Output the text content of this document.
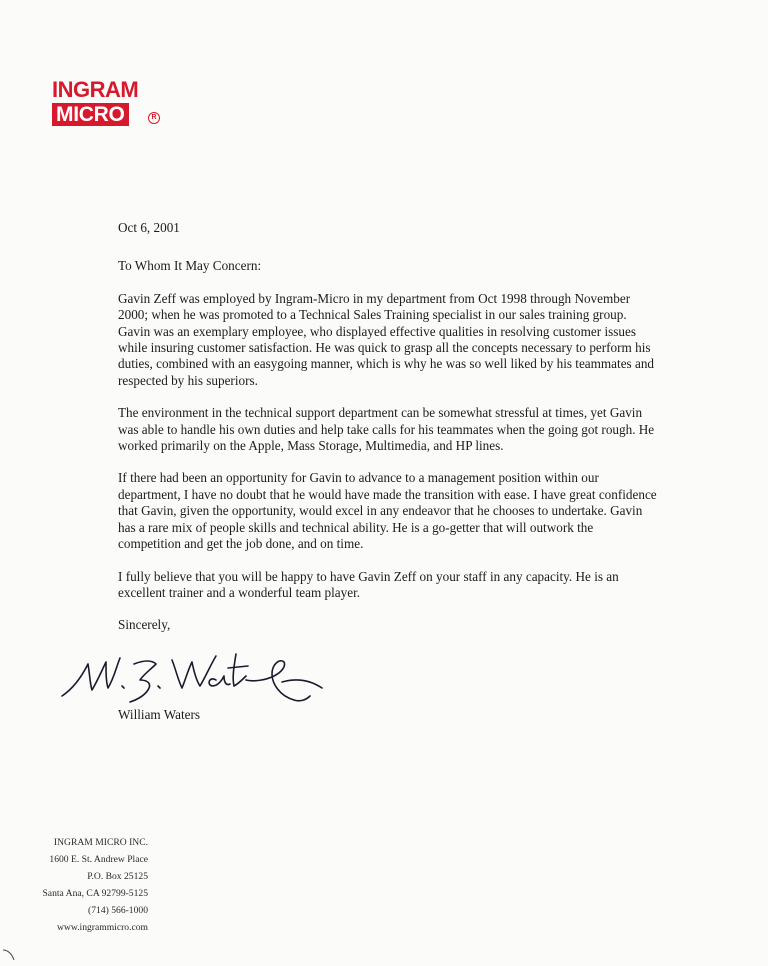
INGRAM
MICRO	R

Oct 6, 2001

To Whom It May Concern:

Gavin Zeff was employed by Ingram-Micro in my department from Oct 1998 through November 2000; when he was promoted to a Technical Sales Training specialist in our sales training group. Gavin was an exemplary employee, who displayed effective qualities in resolving customer issues while insuring customer satisfaction. He was quick to grasp all the concepts necessary to perform his duties, combined with an easygoing manner, which is why he was so well liked by his teammates and respected by his superiors.

The environment in the technical support department can be somewhat stressful at times, yet Gavin was able to handle his own duties and help take calls for his teammates when the going got rough. He worked primarily on the Apple, Mass Storage, Multimedia, and HP lines.

If there had been an opportunity for Gavin to advance to a management position within our department, I have no doubt that he would have made the transition with ease. I have great confidence that Gavin, given the opportunity, would excel in any endeavor that he chooses to undertake. Gavin has a rare mix of people skills and technical ability. He is a go-getter that will outwork the competition and get the job done, and on time.

I fully believe that you will be happy to have Gavin Zeff on your staff in any capacity. He is an excellent trainer and a wonderful team player.

Sincerely,

William Waters
INGRAM MICRO INC.
1600 E. St. Andrew Place
P.O. Box 25125
Santa Ana, CA 92799-5125
(714) 566-1000
www.ingrammicro.com
